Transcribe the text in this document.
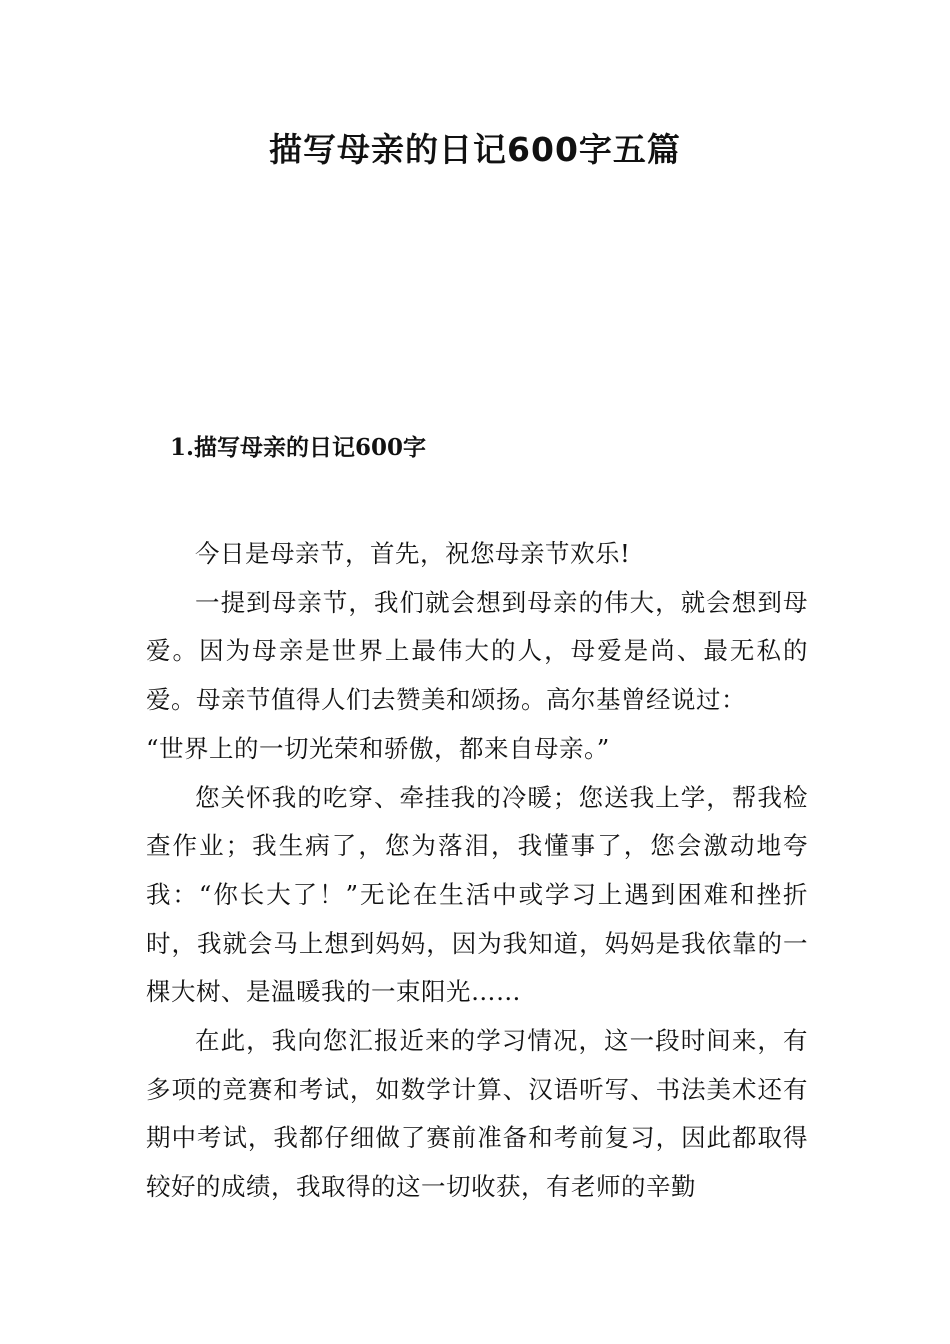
描写母亲的日记600字五篇
1.描写母亲的日记600字

今日是母亲节，首先，祝您母亲节欢乐!

一提到母亲节，我们就会想到母亲的伟大，就会想到母爱。因为母亲是世界上最伟大的人，母爱是尚、最无私的爱。母亲节值得人们去赞美和颂扬。高尔基曾经说过：

“世界上的一切光荣和骄傲，都来自母亲。”

您关怀我的吃穿、牵挂我的冷暖；您送我上学，帮我检查作业；我生病了，您为落泪，我懂事了，您会激动地夸我：“你长大了！”无论在生活中或学习上遇到困难和挫折时，我就会马上想到妈妈，因为我知道，妈妈是我依靠的一棵大树、是温暖我的一束阳光……

在此，我向您汇报近来的学习情况，这一段时间来，有多项的竞赛和考试，如数学计算、汉语听写、书法美术还有期中考试，我都仔细做了赛前准备和考前复习，因此都取得较好的成绩，我取得的这一切收获，有老师的辛勤
